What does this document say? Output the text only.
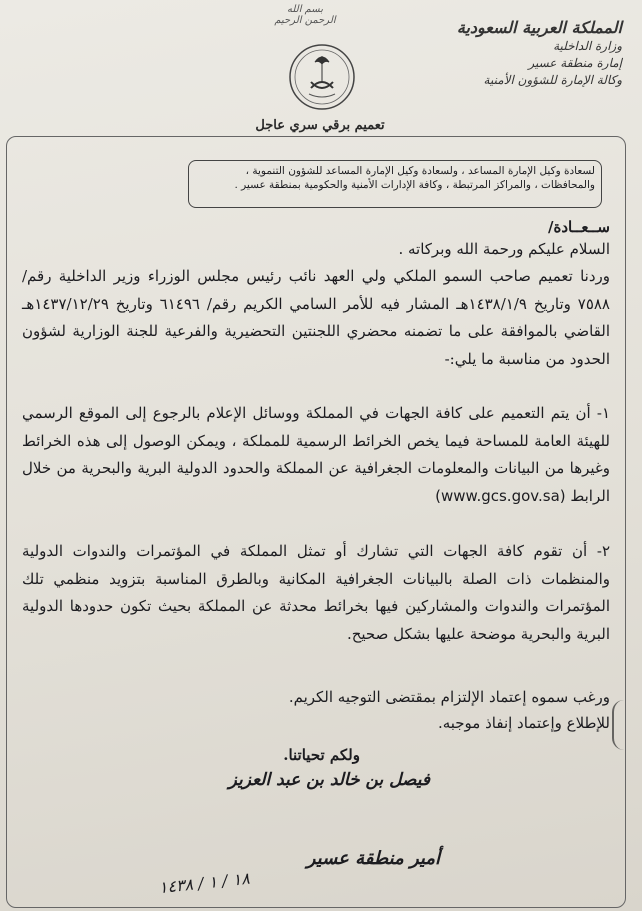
بسم الله الرحمن الرحيم	المملكة العربية السعودية
وزارة الداخلية
إمارة منطقة عسير
وكالة الإمارة للشؤون الأمنية
تعميم برقي سري عاجل
لسعادة وكيل الإمارة المساعد ، ولسعادة وكيل الإمارة المساعد للشؤون التنموية ، والمحافظات ، والمراكز المرتبطة ، وكافة الإدارات الأمنية والحكومية بمنطقة عسير .
ســعــادة/
السلام عليكم ورحمة الله وبركاته .
وردنا تعميم صاحب السمو الملكي ولي العهد نائب رئيس مجلس الوزراء وزير الداخلية رقم/ ٧٥٨٨ وتاريخ ١٤٣٨/١/٩هـ المشار فيه للأمر السامي الكريم رقم/ ٦١٤٩٦ وتاريخ ١٤٣٧/١٢/٢٩هـ القاضي بالموافقة على ما تضمنه محضري اللجنتين التحضيرية والفرعية للجنة الوزارية لشؤون الحدود من مناسبة ما يلي:-
١- أن يتم التعميم على كافة الجهات في المملكة ووسائل الإعلام بالرجوع إلى الموقع الرسمي للهيئة العامة للمساحة فيما يخص الخرائط الرسمية للمملكة ، ويمكن الوصول إلى هذه الخرائط وغيرها من البيانات والمعلومات الجغرافية عن المملكة والحدود الدولية البرية والبحرية من خلال الرابط (www.gcs.gov.sa)
٢- أن تقوم كافة الجهات التي تشارك أو تمثل المملكة في المؤتمرات والندوات الدولية والمنظمات ذات الصلة بالبيانات الجغرافية المكانية وبالطرق المناسبة بتزويد منظمي تلك المؤتمرات والندوات والمشاركين فيها بخرائط محدثة عن المملكة بحيث تكون حدودها الدولية البرية والبحرية موضحة عليها بشكل صحيح.
ورغب سموه إعتماد الإلتزام بمقتضى التوجيه الكريم.
للإطلاع وإعتماد إنفاذ موجبه.
ولكم تحياتنا.
فيصل بن خالد بن عبد العزيز
أمير منطقة عسير
١٨ / ١ / ١٤٣٨
